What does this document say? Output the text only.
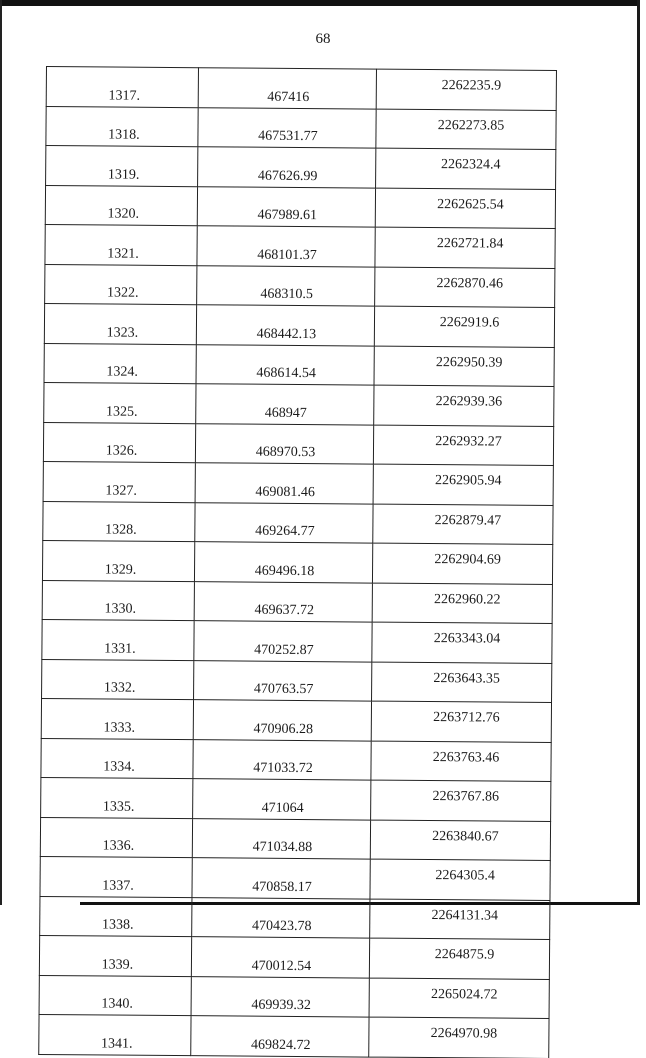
68
1317.	467416	2262235.9
1318.	467531.77	2262273.85
1319.	467626.99	2262324.4
1320.	467989.61	2262625.54
1321.	468101.37	2262721.84
1322.	468310.5	2262870.46
1323.	468442.13	2262919.6
1324.	468614.54	2262950.39
1325.	468947	2262939.36
1326.	468970.53	2262932.27
1327.	469081.46	2262905.94
1328.	469264.77	2262879.47
1329.	469496.18	2262904.69
1330.	469637.72	2262960.22
1331.	470252.87	2263343.04
1332.	470763.57	2263643.35
1333.	470906.28	2263712.76
1334.	471033.72	2263763.46
1335.	471064	2263767.86
1336.	471034.88	2263840.67
1337.	470858.17	2264305.4
1338.	470423.78	2264131.34
1339.	470012.54	2264875.9
1340.	469939.32	2265024.72
1341.	469824.72	2264970.98
